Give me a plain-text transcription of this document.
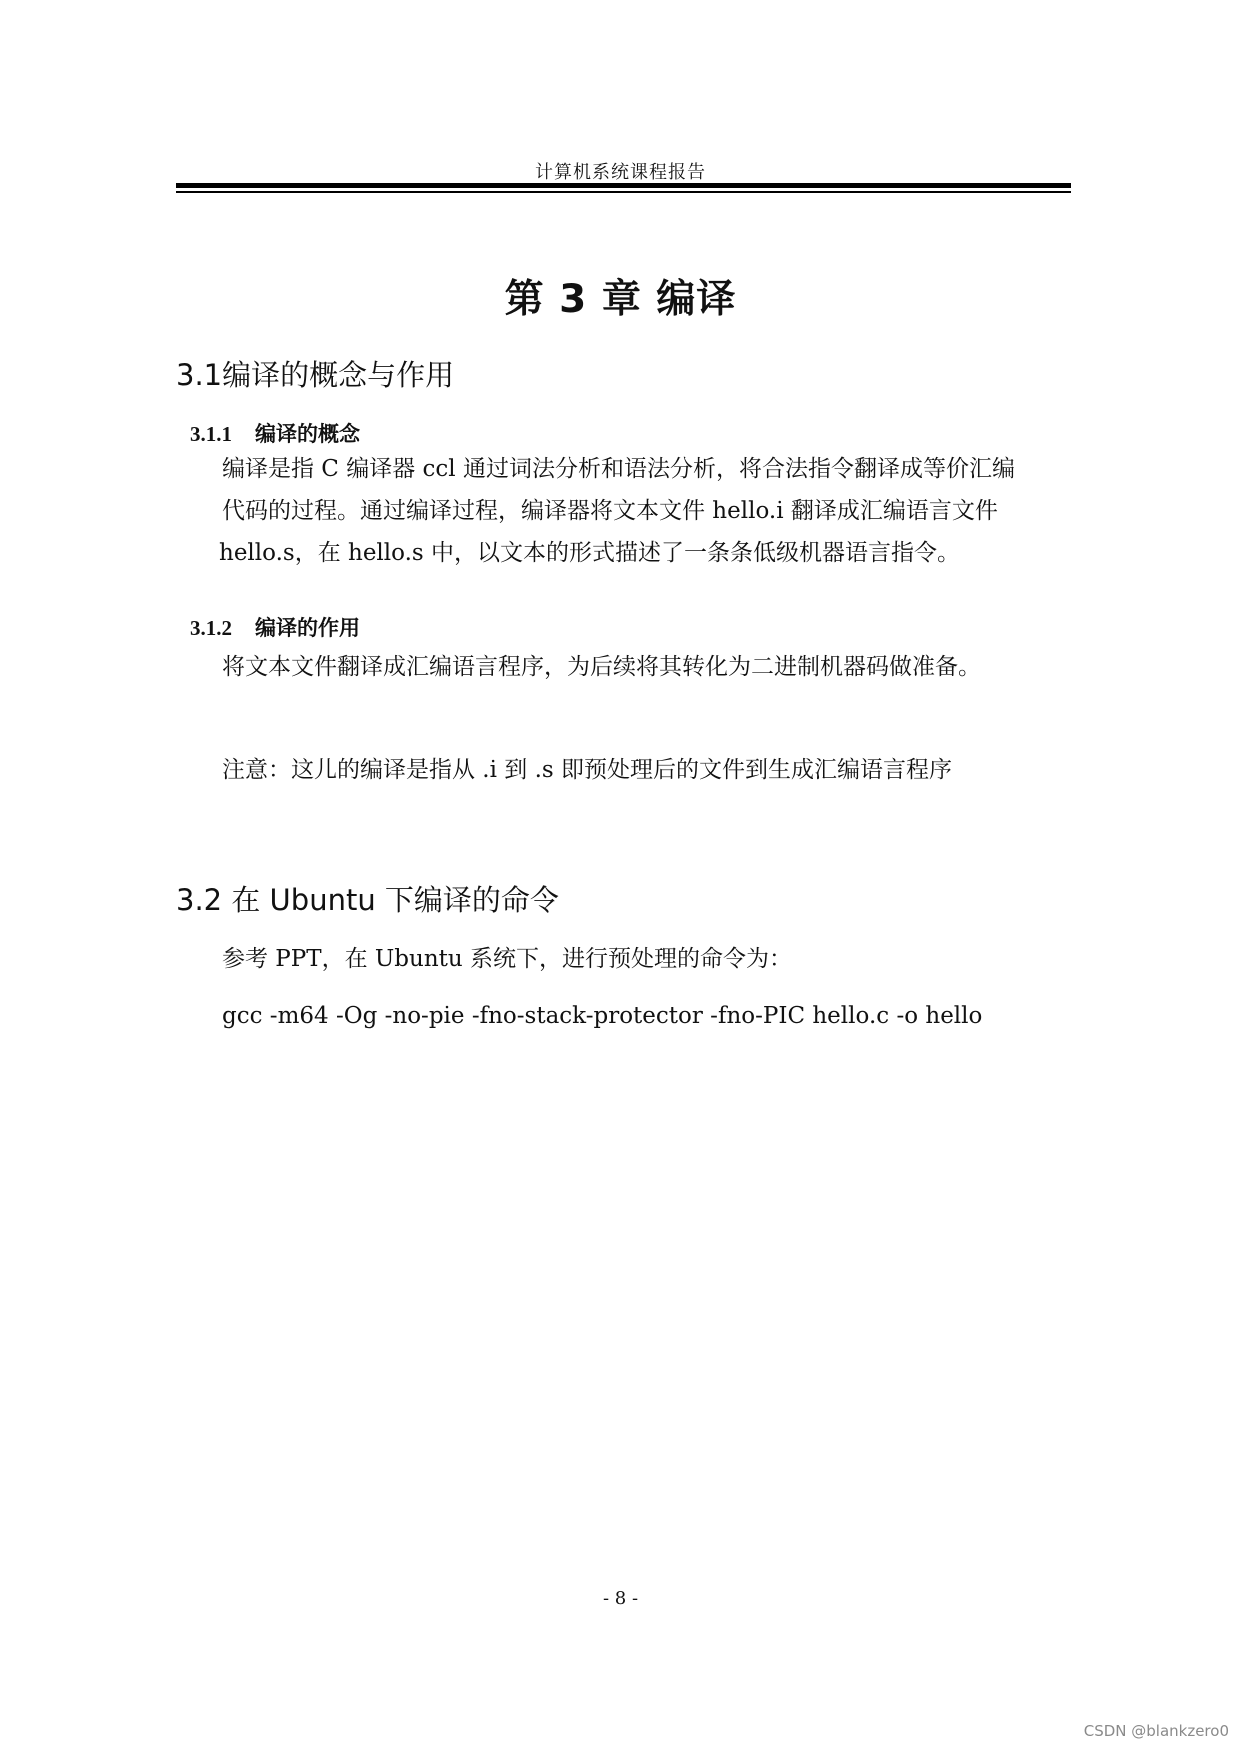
计算机系统课程报告
第 3 章 编译
3.1编译的概念与作用
3.1.1 编译的概念
编译是指 C 编译器 ccl 通过词法分析和语法分析，将合法指令翻译成等价汇编
代码的过程。通过编译过程，编译器将文本文件 hello.i 翻译成汇编语言文件
hello.s，在 hello.s 中，以文本的形式描述了一条条低级机器语言指令。
3.1.2 编译的作用
将文本文件翻译成汇编语言程序，为后续将其转化为二进制机器码做准备。
注意：这儿的编译是指从 .i 到 .s 即预处理后的文件到生成汇编语言程序
3.2 在 Ubuntu 下编译的命令
参考 PPT，在 Ubuntu 系统下，进行预处理的命令为：
gcc -m64 -Og -no-pie -fno-stack-protector -fno-PIC hello.c -o hello
- 8 -
CSDN @blankzero0
